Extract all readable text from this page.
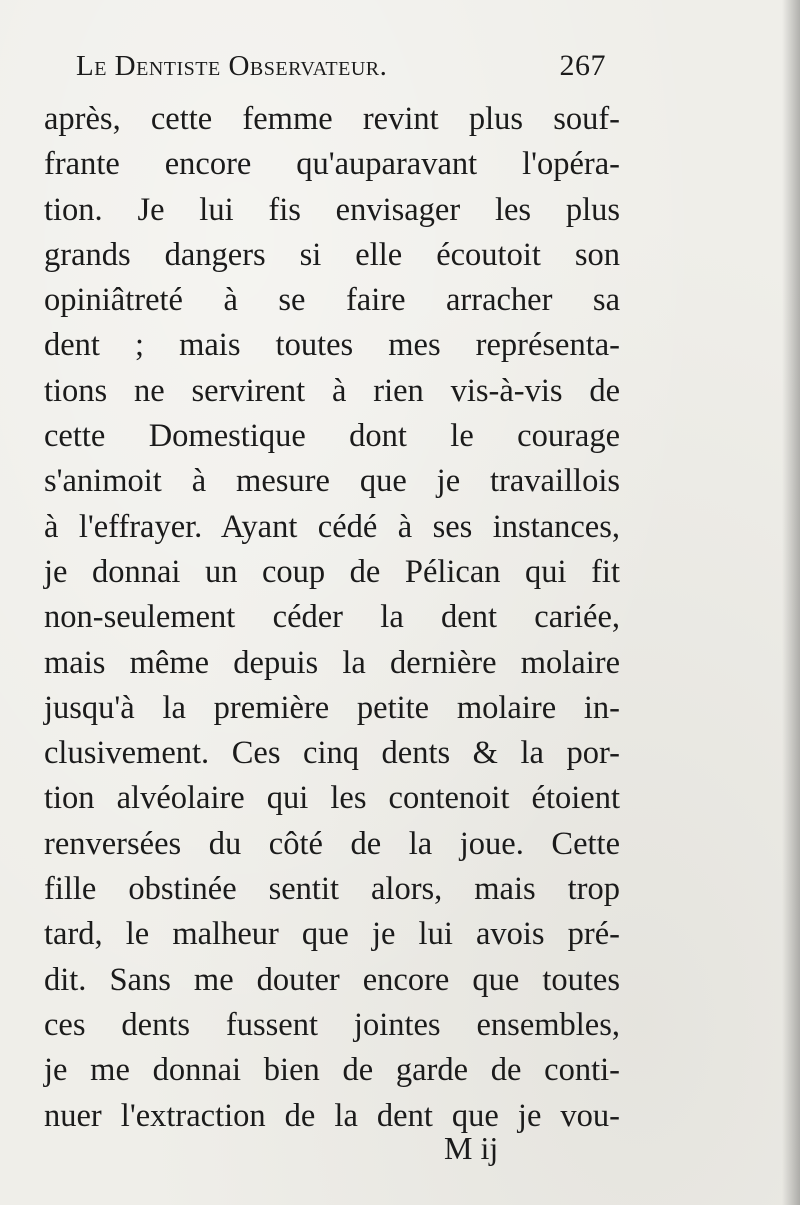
Le Dentiste Observateur.	267
après, cette femme revint plus souf-
frante encore qu'auparavant l'opéra-
tion. Je lui fis envisager les plus
grands dangers si elle écoutoit son
opiniâtreté à se faire arracher sa
dent ; mais toutes mes représenta-
tions ne servirent à rien vis-à-vis de
cette Domestique dont le courage
s'animoit à mesure que je travaillois
à l'effrayer. Ayant cédé à ses instances,
je donnai un coup de Pélican qui fit
non-seulement céder la dent cariée,
mais même depuis la dernière molaire
jusqu'à la première petite molaire in-
clusivement. Ces cinq dents & la por-
tion alvéolaire qui les contenoit étoient
renversées du côté de la joue. Cette
fille obstinée sentit alors, mais trop
tard, le malheur que je lui avois pré-
dit. Sans me douter encore que toutes
ces dents fussent jointes ensembles,
je me donnai bien de garde de conti-
nuer l'extraction de la dent que je vou-
M ij
